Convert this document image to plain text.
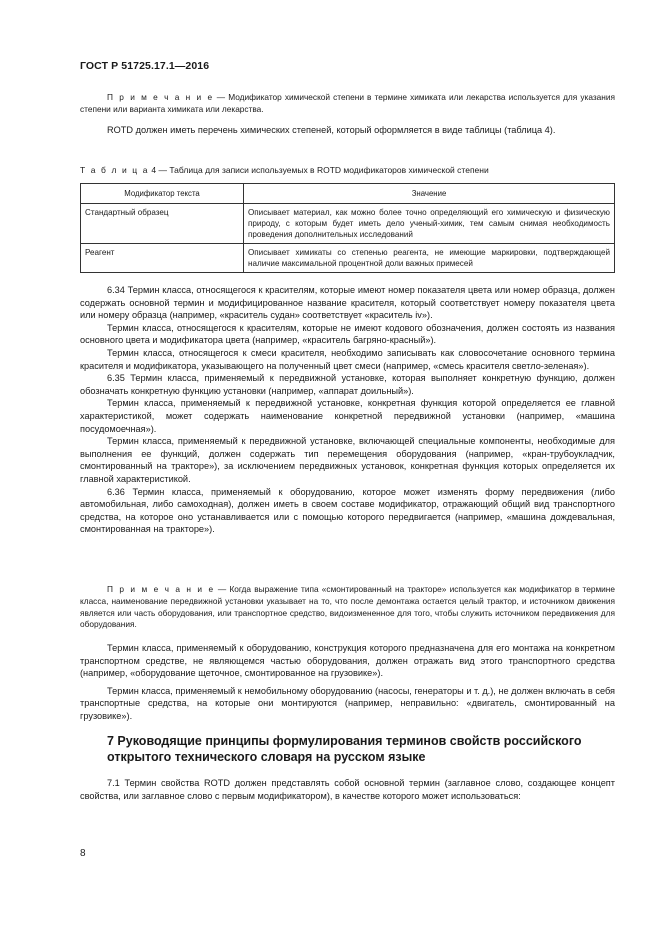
ГОСТ Р 51725.17.1—2016

П р и м е ч а н и е — Модификатор химической степени в термине химиката или лекарства используется для указания степени или варианта химиката или лекарства.

ROTD должен иметь перечень химических степеней, который оформляется в виде таблицы (таблица 4).

Т а б л и ц а 4 — Таблица для записи используемых в ROTD модификаторов химической степени

Модификатор текста	Значение
Стандартный образец	Описывает материал, как можно более точно определяющий его химическую и физическую природу, с которым будет иметь дело ученый-химик, тем самым снимая необходимость проведения дополнительных исследований
Реагент	Описывает химикаты со степенью реагента, не имеющие маркировки, подтверждающей наличие максимальной процентной доли важных примесей

6.34 Термин класса, относящегося к красителям, которые имеют номер показателя цвета или номер образца, должен содержать основной термин и модифицированное название красителя, который соответствует номеру показателя цвета или номеру образца (например, «краситель судан» соответствует «краситель iv»).

Термин класса, относящегося к красителям, которые не имеют кодового обозначения, должен состоять из названия основного цвета и модификатора цвета (например, «краситель багряно-красный»).

Термин класса, относящегося к смеси красителя, необходимо записывать как словосочетание основного термина красителя и модификатора, указывающего на полученный цвет смеси (например, «смесь красителя светло-зеленая»).

6.35 Термин класса, применяемый к передвижной установке, которая выполняет конкретную функцию, должен обозначать конкретную функцию установки (например, «аппарат доильный»).

Термин класса, применяемый к передвижной установке, конкретная функция которой определяется ее главной характеристикой, может содержать наименование конкретной передвижной установки (например, «машина посудомоечная»).

Термин класса, применяемый к передвижной установке, включающей специальные компоненты, необходимые для выполнения ее функций, должен содержать тип перемещения оборудования (например, «кран-трубоукладчик, смонтированный на тракторе»), за исключением передвижных установок, конкретная функция которых определяется их главной характеристикой.

6.36 Термин класса, применяемый к оборудованию, которое может изменять форму передвижения (либо автомобильная, либо самоходная), должен иметь в своем составе модификатор, отражающий общий вид транспортного средства, на которое оно устанавливается или с помощью которого передвигается (например, «машина дождевальная, смонтированная на тракторе»).

П р и м е ч а н и е — Когда выражение типа «смонтированный на тракторе» используется как модификатор в термине класса, наименование передвижной установки указывает на то, что после демонтажа остается целый трактор, и источником движения является или часть оборудования, или транспортное средство, видоизмененное для того, чтобы служить источником передвижения для оборудования.

Термин класса, применяемый к оборудованию, конструкция которого предназначена для его монтажа на конкретном транспортном средстве, не являющемся частью оборудования, должен отражать вид этого транспортного средства (например, «оборудование щеточное, смонтированное на грузовике»).

Термин класса, применяемый к немобильному оборудованию (насосы, генераторы и т. д.), не должен включать в себя транспортные средства, на которые они монтируются (например, неправильно: «двигатель, смонтированный на грузовике»).

7 Руководящие принципы формулирования терминов свойств российского открытого технического словаря на русском языке

7.1 Термин свойства ROTD должен представлять собой основной термин (заглавное слово, создающее концепт свойства, или заглавное слово с первым модификатором), в качестве которого может использоваться:

8
